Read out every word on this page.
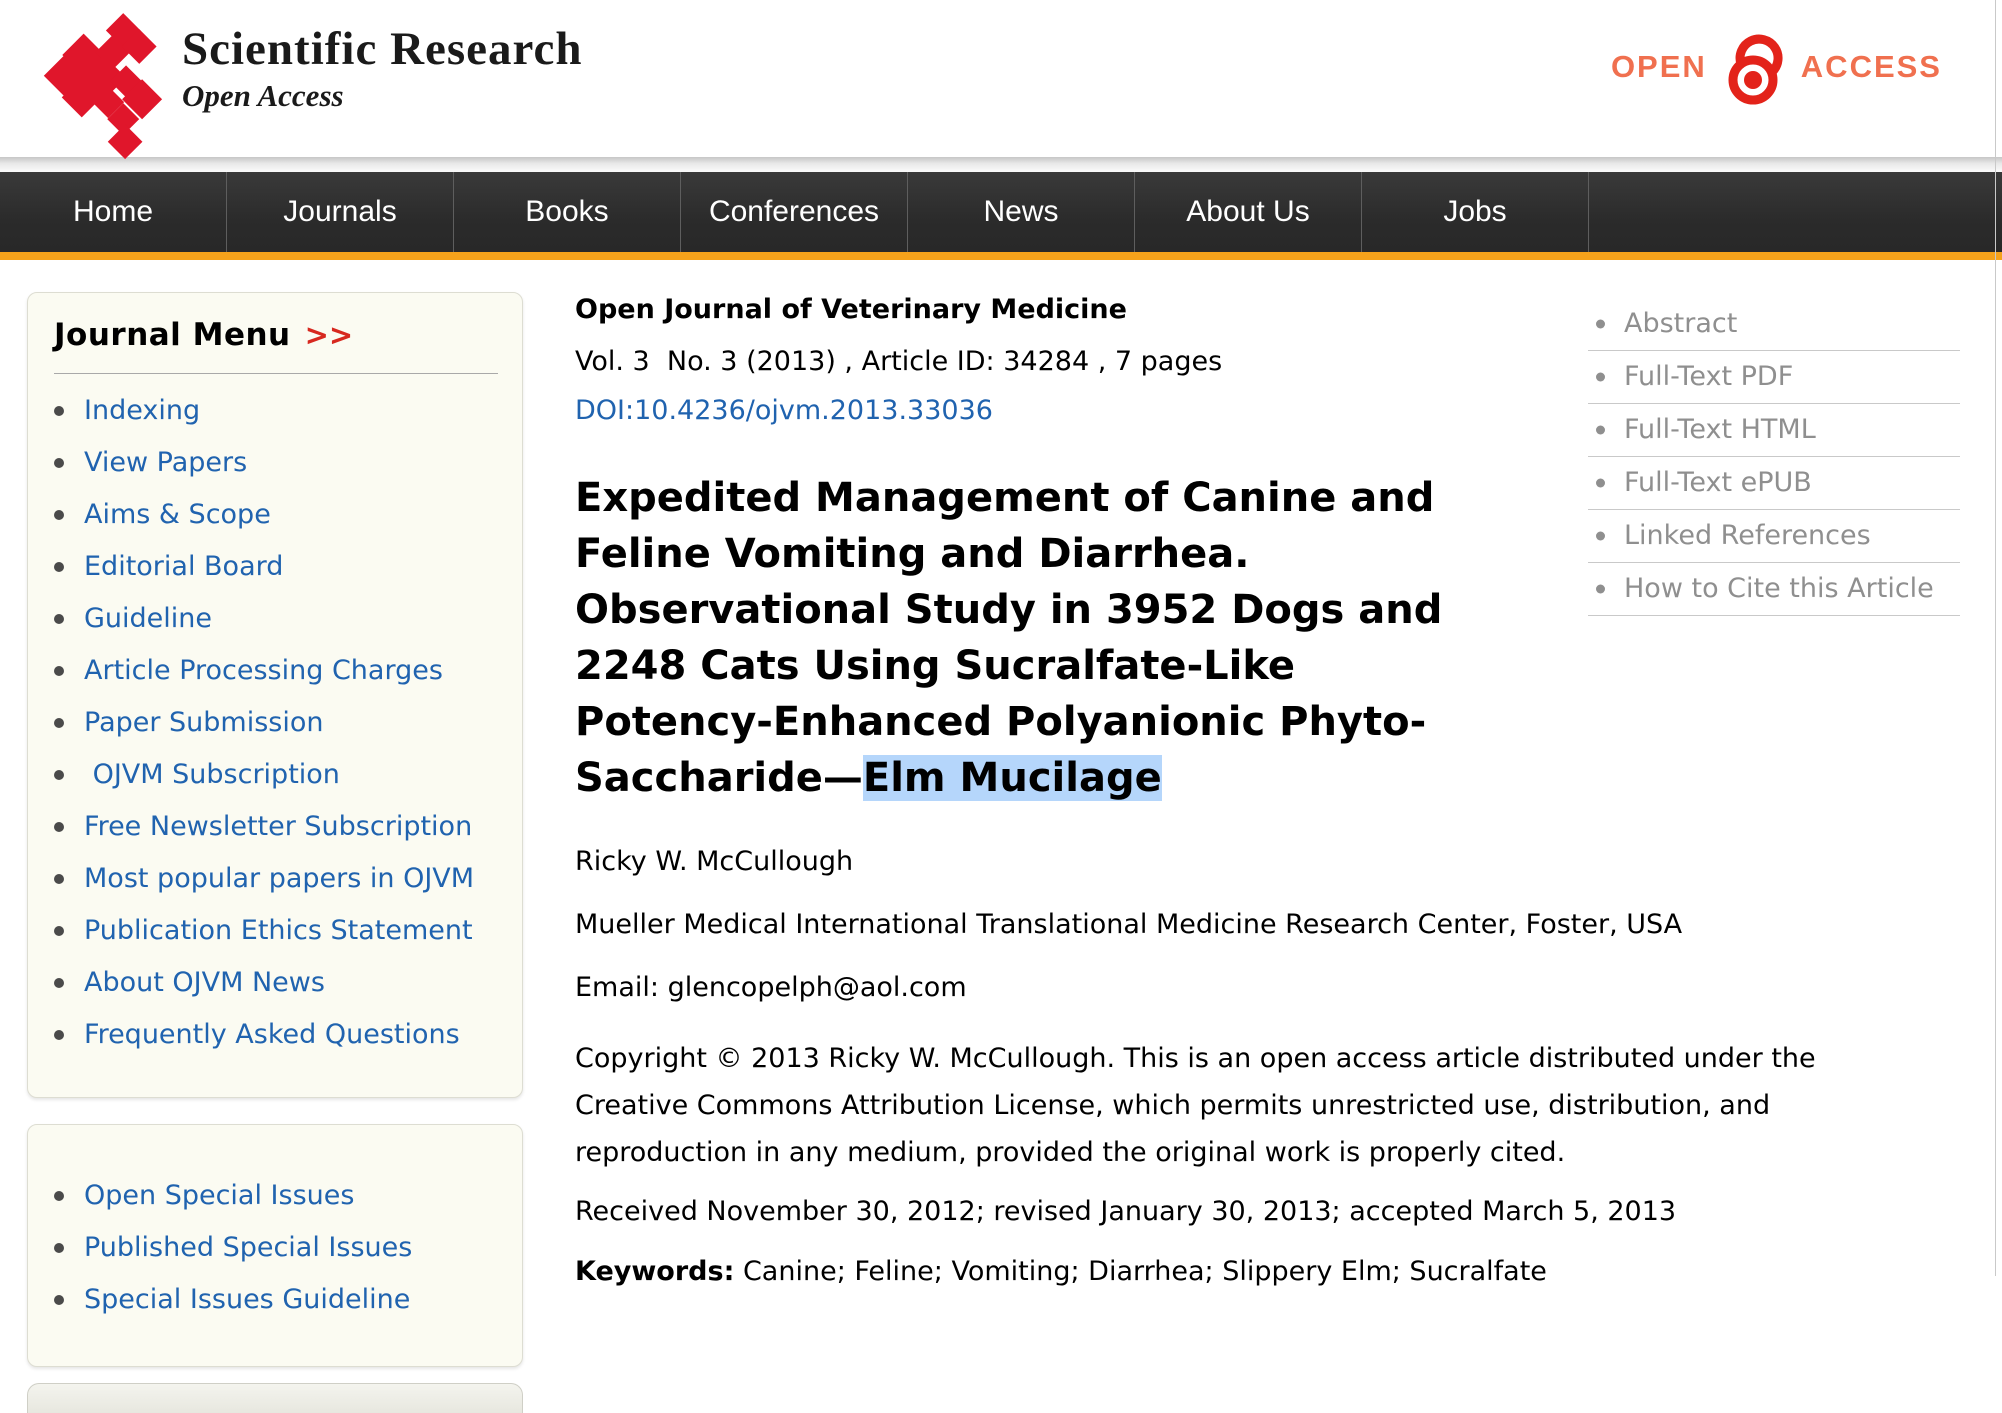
Scientific Research
Open Access
OPEN	ACCESS
Home	Journals	Books	Conferences	News	About Us	Jobs
Journal Menu >>
Indexing
View Papers
Aims & Scope
Editorial Board
Guideline
Article Processing Charges
Paper Submission
OJVM Subscription
Free Newsletter Subscription
Most popular papers in OJVM
Publication Ethics Statement
About OJVM News
Frequently Asked Questions
Open Special Issues
Published Special Issues
Special Issues Guideline
Abstract
Full-Text PDF
Full-Text HTML
Full-Text ePUB
Linked References
How to Cite this Article
Open Journal of Veterinary Medicine
Vol. 3  No. 3 (2013) , Article ID: 34284 , 7 pages
DOI:10.4236/ojvm.2013.33036
Expedited Management of Canine and Feline Vomiting and Diarrhea. Observational Study in 3952 Dogs and 2248 Cats Using Sucralfate-Like Potency-Enhanced Polyanionic Phyto-Saccharide—Elm Mucilage
Ricky W. McCullough
Mueller Medical International Translational Medicine Research Center, Foster, USA
Email: glencopelph@aol.com
Copyright © 2013 Ricky W. McCullough. This is an open access article distributed under the Creative Commons Attribution License, which permits unrestricted use, distribution, and reproduction in any medium, provided the original work is properly cited.
Received November 30, 2012; revised January 30, 2013; accepted March 5, 2013
Keywords: Canine; Feline; Vomiting; Diarrhea; Slippery Elm; Sucralfate
